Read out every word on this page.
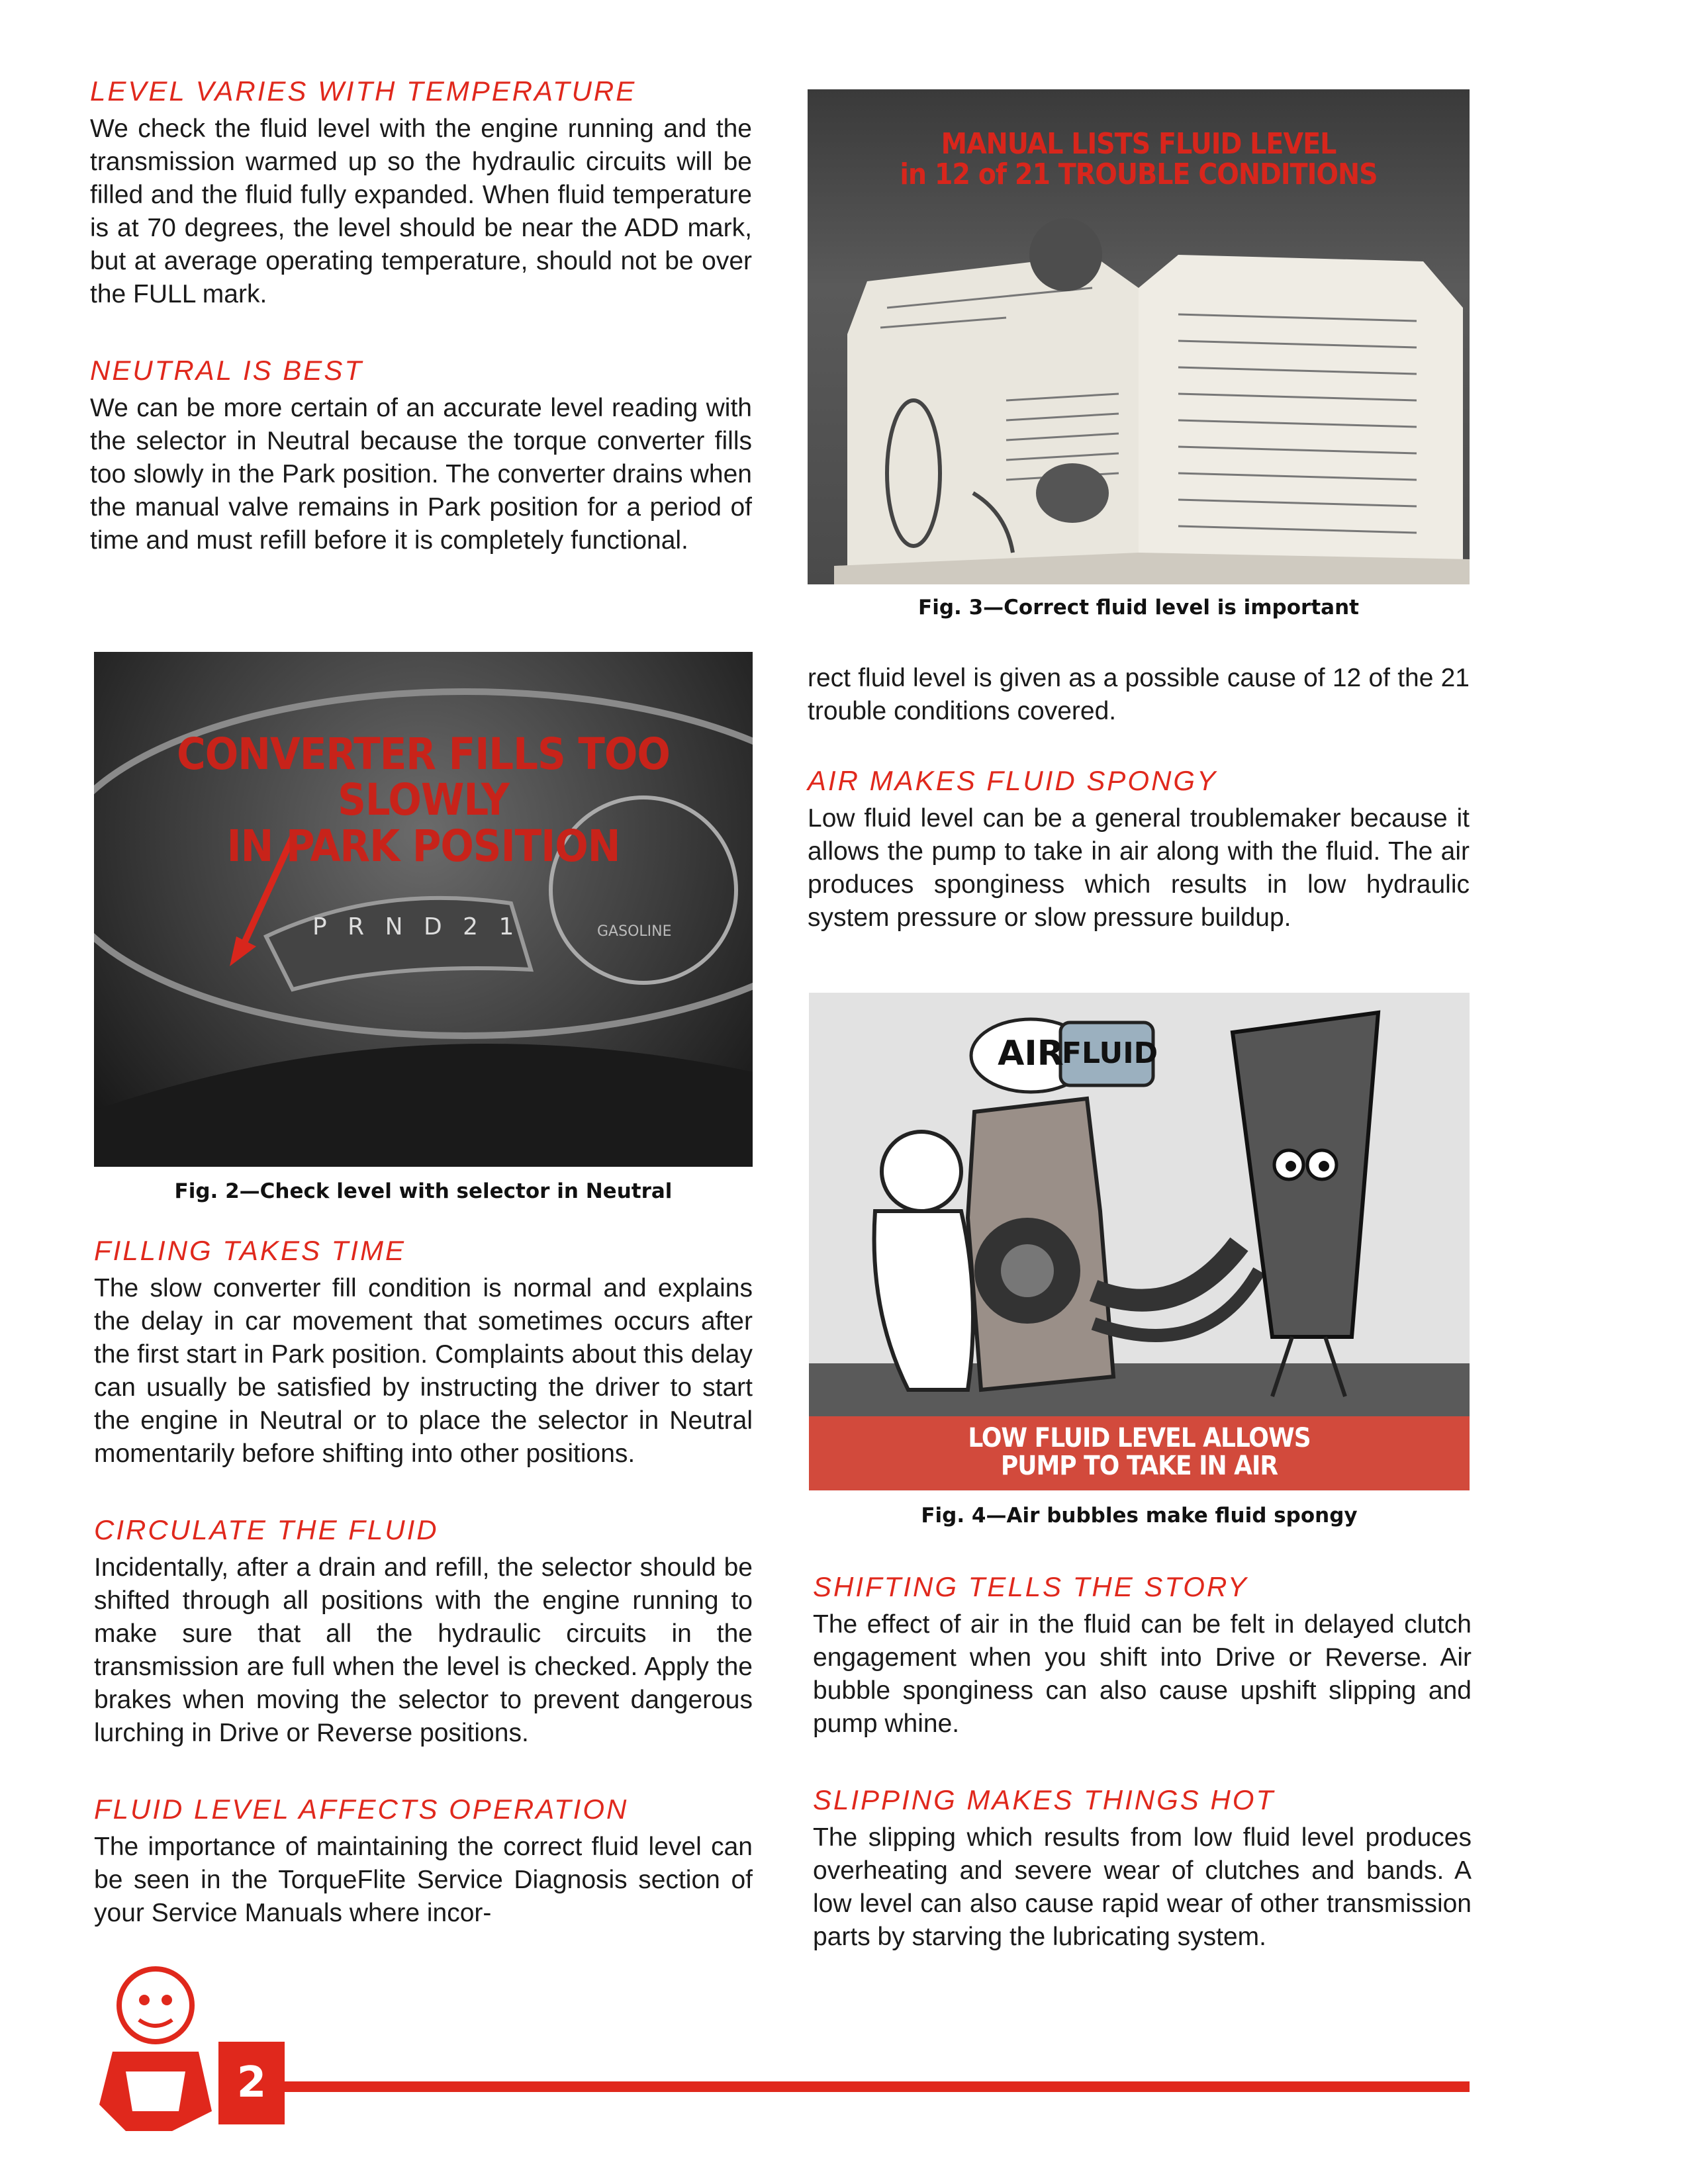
MANUAL LISTS FLUID LEVEL
in 12 of 21 TROUBLE CONDITIONS
Fig. 3—Correct fluid level is important
LEVEL VARIES WITH TEMPERATURE

We check the fluid level with the engine running and the transmission warmed up so the hydraulic circuits will be filled and the fluid fully expanded. When fluid temperature is at 70 degrees, the level should be near the ADD mark, but at average operating temperature, should not be over the FULL mark.

NEUTRAL IS BEST

We can be more certain of an accurate level reading with the selector in Neutral because the torque converter fills too slowly in the Park position. The converter drains when the manual valve remains in Park position for a period of time and must refill before it is completely functional.

CONVERTER FILLS TOO SLOWLY
IN PARK POSITION
P R N D 2 1	GASOLINE
Fig. 2—Check level with selector in Neutral
FILLING TAKES TIME

The slow converter fill condition is normal and explains the delay in car movement that sometimes occurs after the first start in Park position. Complaints about this delay can usually be satisfied by instructing the driver to start the engine in Neutral or to place the selector in Neutral momentarily before shifting into other positions.

CIRCULATE THE FLUID

Incidentally, after a drain and refill, the selector should be shifted through all positions with the engine running to make sure that all the hydraulic circuits in the transmission are full when the level is checked. Apply the brakes when moving the selector to prevent dangerous lurching in Drive or Reverse positions.

FLUID LEVEL AFFECTS OPERATION

The importance of maintaining the correct fluid level can be seen in the TorqueFlite Service Diagnosis section of your Service Manuals where incor-

rect fluid level is given as a possible cause of 12 of the 21 trouble conditions covered.

AIR MAKES FLUID SPONGY

Low fluid level can be a general troublemaker because it allows the pump to take in air along with the fluid. The air produces sponginess which results in low hydraulic system pressure or slow pressure buildup.

AIR
FLUID
LOW FLUID LEVEL ALLOWS
PUMP TO TAKE IN AIR
Fig. 4—Air bubbles make fluid spongy
SHIFTING TELLS THE STORY

The effect of air in the fluid can be felt in delayed clutch engagement when you shift into Drive or Reverse. Air bubble sponginess can also cause upshift slipping and pump whine.

SLIPPING MAKES THINGS HOT

The slipping which results from low fluid level produces overheating and severe wear of clutches and bands. A low level can also cause rapid wear of other transmission parts by starving the lubricating system.

2
